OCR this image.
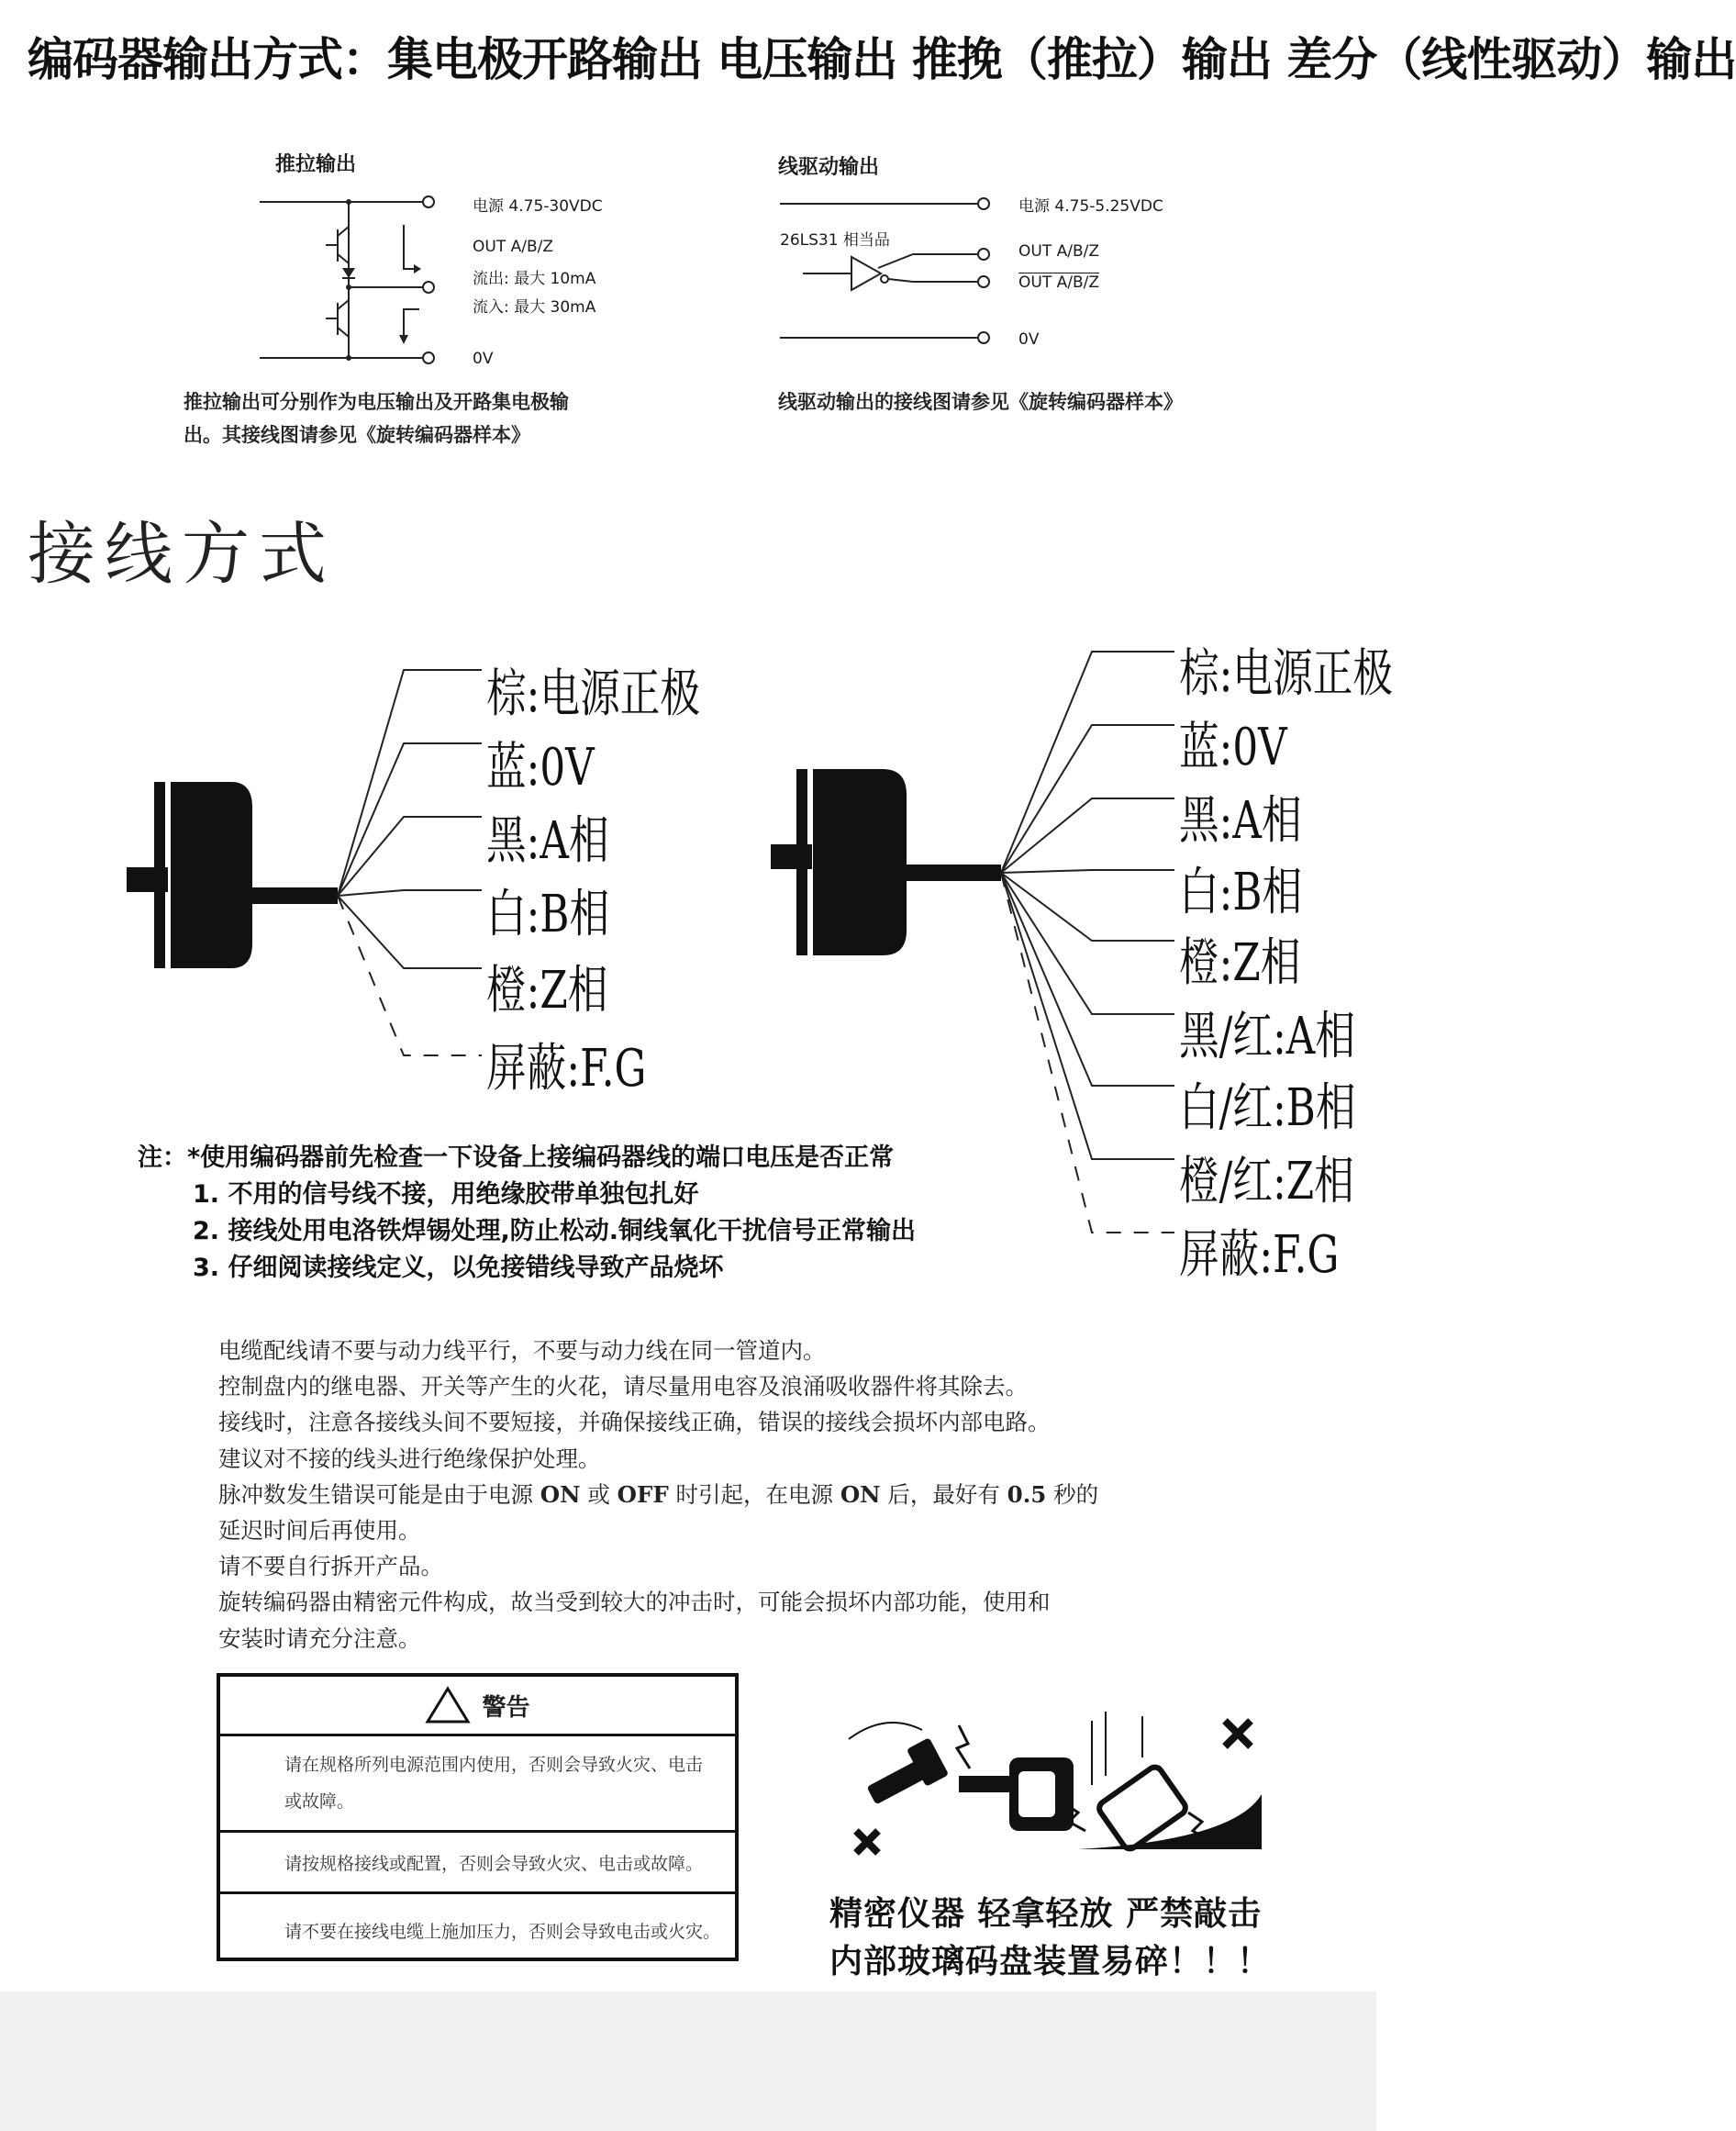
编码器输出方式：集电极开路输出 电压输出 推挽（推拉）输出 差分（线性驱动）输出
推拉输出
电源 4.75-30VDC
OUT A/B/Z
流出: 最大 10mA
流入: 最大 30mA
0V
推拉输出可分别作为电压输出及开路集电极输
出。其接线图请参见《旋转编码器样本》
线驱动输出
26LS31 相当品
电源 4.75-5.25VDC
OUT A/B/Z
OUT A/B/Z
0V
线驱动输出的接线图请参见《旋转编码器样本》
接线方式
棕:电源正极
蓝:0V
黑:A相
白:B相
橙:Z相
屏蔽:F.G
棕:电源正极
蓝:0V
黑:A相
白:B相
橙:Z相
黑/红:A相
白/红:B相
橙/红:Z相
屏蔽:F.G
注：*使用编码器前先检查一下设备上接编码器线的端口电压是否正常
1. 不用的信号线不接，用绝缘胶带单独包扎好
2. 接线处用电洛铁焊锡处理,防止松动.铜线氧化干扰信号正常输出
3. 仔细阅读接线定义，以免接错线导致产品烧坏
电缆配线请不要与动力线平行，不要与动力线在同一管道内。
控制盘内的继电器、开关等产生的火花，请尽量用电容及浪涌吸收器件将其除去。
接线时，注意各接线头间不要短接，并确保接线正确，错误的接线会损坏内部电路。
建议对不接的线头进行绝缘保护处理。
脉冲数发生错误可能是由于电源 ON 或 OFF 时引起，在电源 ON 后，最好有 0.5 秒的
延迟时间后再使用。
请不要自行拆开产品。
旋转编码器由精密元件构成，故当受到较大的冲击时，可能会损坏内部功能，使用和
安装时请充分注意。
警告
请在规格所列电源范围内使用，否则会导致火灾、电击
或故障。
请按规格接线或配置，否则会导致火灾、电击或故障。
请不要在接线电缆上施加压力，否则会导致电击或火灾。	精密仪器 轻拿轻放 严禁敲击
内部玻璃码盘装置易碎！！！
